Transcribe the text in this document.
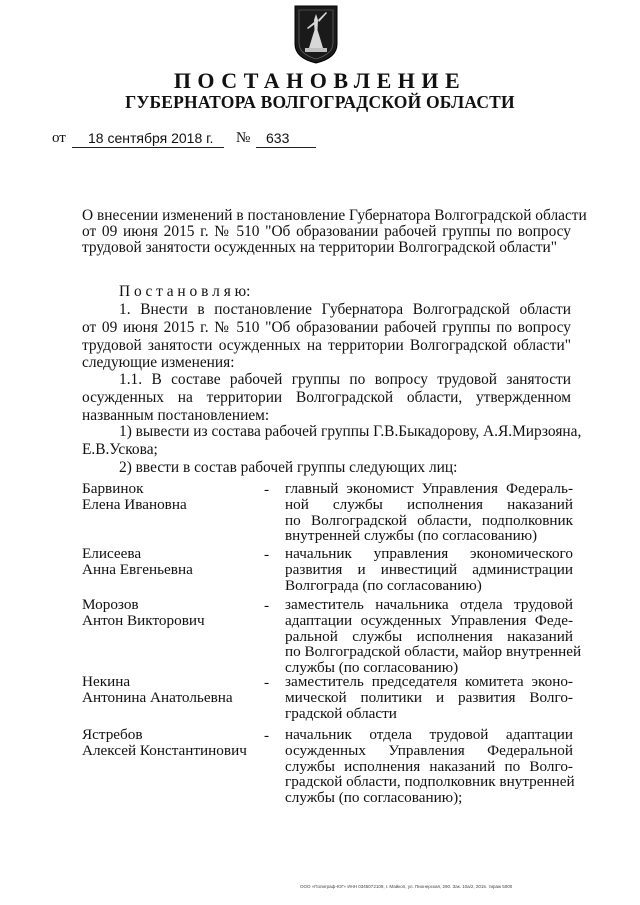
ПОСТАНОВЛЕНИЕ
ГУБЕРНАТОРА ВОЛГОГРАДСКОЙ ОБЛАСТИ
от 18 сентября 2018 г. № 633
О внесении изменений в постановление Губернатора Волгоградской области
от 09 июня 2015 г. № 510 "Об образовании рабочей группы по вопросу
трудовой занятости осужденных на территории Волгоградской области"
П о с т а н о в л я ю:
1. Внести в постановление Губернатора Волгоградской области
от 09 июня 2015 г. № 510 "Об образовании рабочей группы по вопросу
трудовой занятости осужденных на территории Волгоградской области"
следующие изменения:
1.1. В составе рабочей группы по вопросу трудовой занятости
осужденных на территории Волгоградской области, утвержденном
названным постановлением:
1) вывести из состава рабочей группы Г.В.Быкадорову, А.Я.Мирзояна,
Е.В.Ускова;
2) ввести в состав рабочей группы следующих лиц:
Барвинок
Елена Ивановна
- главный экономист Управления Федераль-
ной службы исполнения наказаний
по Волгоградской области, подполковник
внутренней службы (по согласованию)
Елисеева
Анна Евгеньевна
- начальник управления экономического
развития и инвестиций администрации
Волгограда (по согласованию)
Морозов
Антон Викторович
- заместитель начальника отдела трудовой
адаптации осужденных Управления Феде-
ральной службы исполнения наказаний
по Волгоградской области, майор внутренней
службы (по согласованию)
Некина
Антонина Анатольевна
- заместитель председателя комитета эконо-
мической политики и развития Волго-
градской области
Ястребов
Алексей Константинович
- начальник отдела трудовой адаптации
осужденных Управления Федеральной
службы исполнения наказаний по Волго-
градской области, подполковник внутренней
службы (по согласованию);
ООО «Полиграф-ЮГ» ИНН 0345072109, г. Майкоп, ул. Пионерская, 290. Зак. 10а/2, 2015. тираж 5000
